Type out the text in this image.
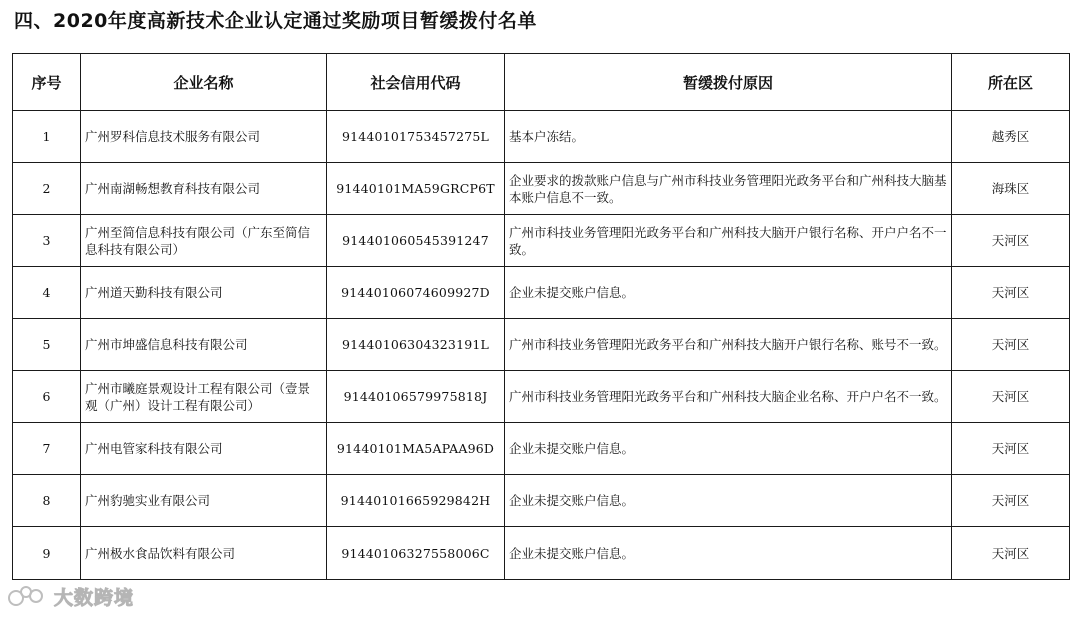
四、2020年度高新技术企业认定通过奖励项目暂缓拨付名单
序号	企业名称	社会信用代码	暂缓拨付原因	所在区
1	广州罗科信息技术服务有限公司	91440101753457275L	基本户冻结。	越秀区
2	广州南湖畅想教育科技有限公司	91440101MA59GRCP6T	企业要求的拨款账户信息与广州市科技业务管理阳光政务平台和广州科技大脑基本账户信息不一致。	海珠区
3	广州至简信息科技有限公司（广东至简信息科技有限公司）	914401060545391247	广州市科技业务管理阳光政务平台和广州科技大脑开户银行名称、开户户名不一致。	天河区
4	广州道天勤科技有限公司	91440106074609927D	企业未提交账户信息。	天河区
5	广州市坤盛信息科技有限公司	91440106304323191L	广州市科技业务管理阳光政务平台和广州科技大脑开户银行名称、账号不一致。	天河区
6	广州市曦庭景观设计工程有限公司（壹景观（广州）设计工程有限公司）	91440106579975818J	广州市科技业务管理阳光政务平台和广州科技大脑企业名称、开户户名不一致。	天河区
7	广州电管家科技有限公司	91440101MA5APAA96D	企业未提交账户信息。	天河区
8	广州豹驰实业有限公司	91440101665929842H	企业未提交账户信息。	天河区
9	广州极水食品饮料有限公司	91440106327558006C	企业未提交账户信息。	天河区
大数跨境
